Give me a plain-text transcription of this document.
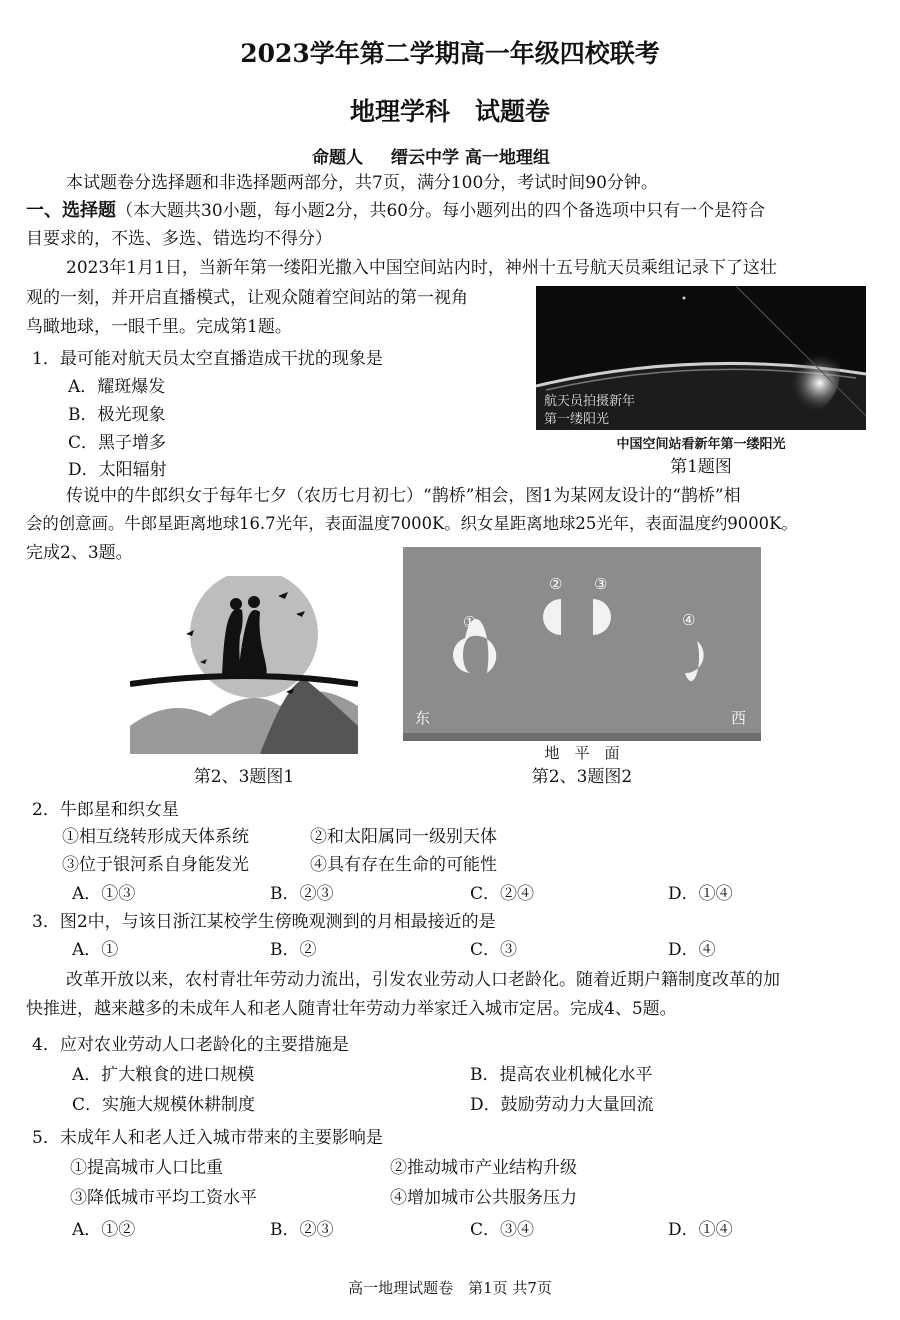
2023学年第二学期高一年级四校联考
地理学科　试题卷
命题人 缙云中学 高一地理组
本试题卷分选择题和非选择题两部分，共7页，满分100分，考试时间90分钟。
一、选择题（本大题共30小题，每小题2分，共60分。每小题列出的四个备选项中只有一个是符合
目要求的，不选、多选、错选均不得分）
2023年1月1日，当新年第一缕阳光撒入中国空间站内时，神州十五号航天员乘组记录下了这壮
观的一刻，并开启直播模式，让观众随着空间站的第一视角
鸟瞰地球，一眼千里。完成第1题。
1．最可能对航天员太空直播造成干扰的现象是
A．耀斑爆发
B．极光现象
C．黑子增多
D．太阳辐射
航天员拍摄新年
第一缕阳光
中国空间站看新年第一缕阳光
第1题图
传说中的牛郎织女于每年七夕（农历七月初七）“鹊桥”相会，图1为某网友设计的“鹊桥”相
会的创意画。牛郎星距离地球16.7光年，表面温度7000K。织女星距离地球25光年，表面温度约9000K。
完成2、3题。
第2、3题图1
①
② ③
④
东	西
地　平　面
第2、3题图2
2．牛郎星和织女星
①相互绕转形成天体系统	②和太阳属同一级别天体
③位于银河系自身能发光	④具有存在生命的可能性
A．①③	B．②③	C．②④	D．①④
3．图2中，与该日浙江某校学生傍晚观测到的月相最接近的是
A．①	B．②	C．③	D．④
改革开放以来，农村青壮年劳动力流出，引发农业劳动人口老龄化。随着近期户籍制度改革的加
快推进，越来越多的未成年人和老人随青壮年劳动力举家迁入城市定居。完成4、5题。
4．应对农业劳动人口老龄化的主要措施是
A．扩大粮食的进口规模	B．提高农业机械化水平
C．实施大规模休耕制度	D．鼓励劳动力大量回流
5．未成年人和老人迁入城市带来的主要影响是
①提高城市人口比重	②推动城市产业结构升级
③降低城市平均工资水平	④增加城市公共服务压力
A．①②	B．②③	C．③④	D．①④
高一地理试题卷　第1页 共7页
